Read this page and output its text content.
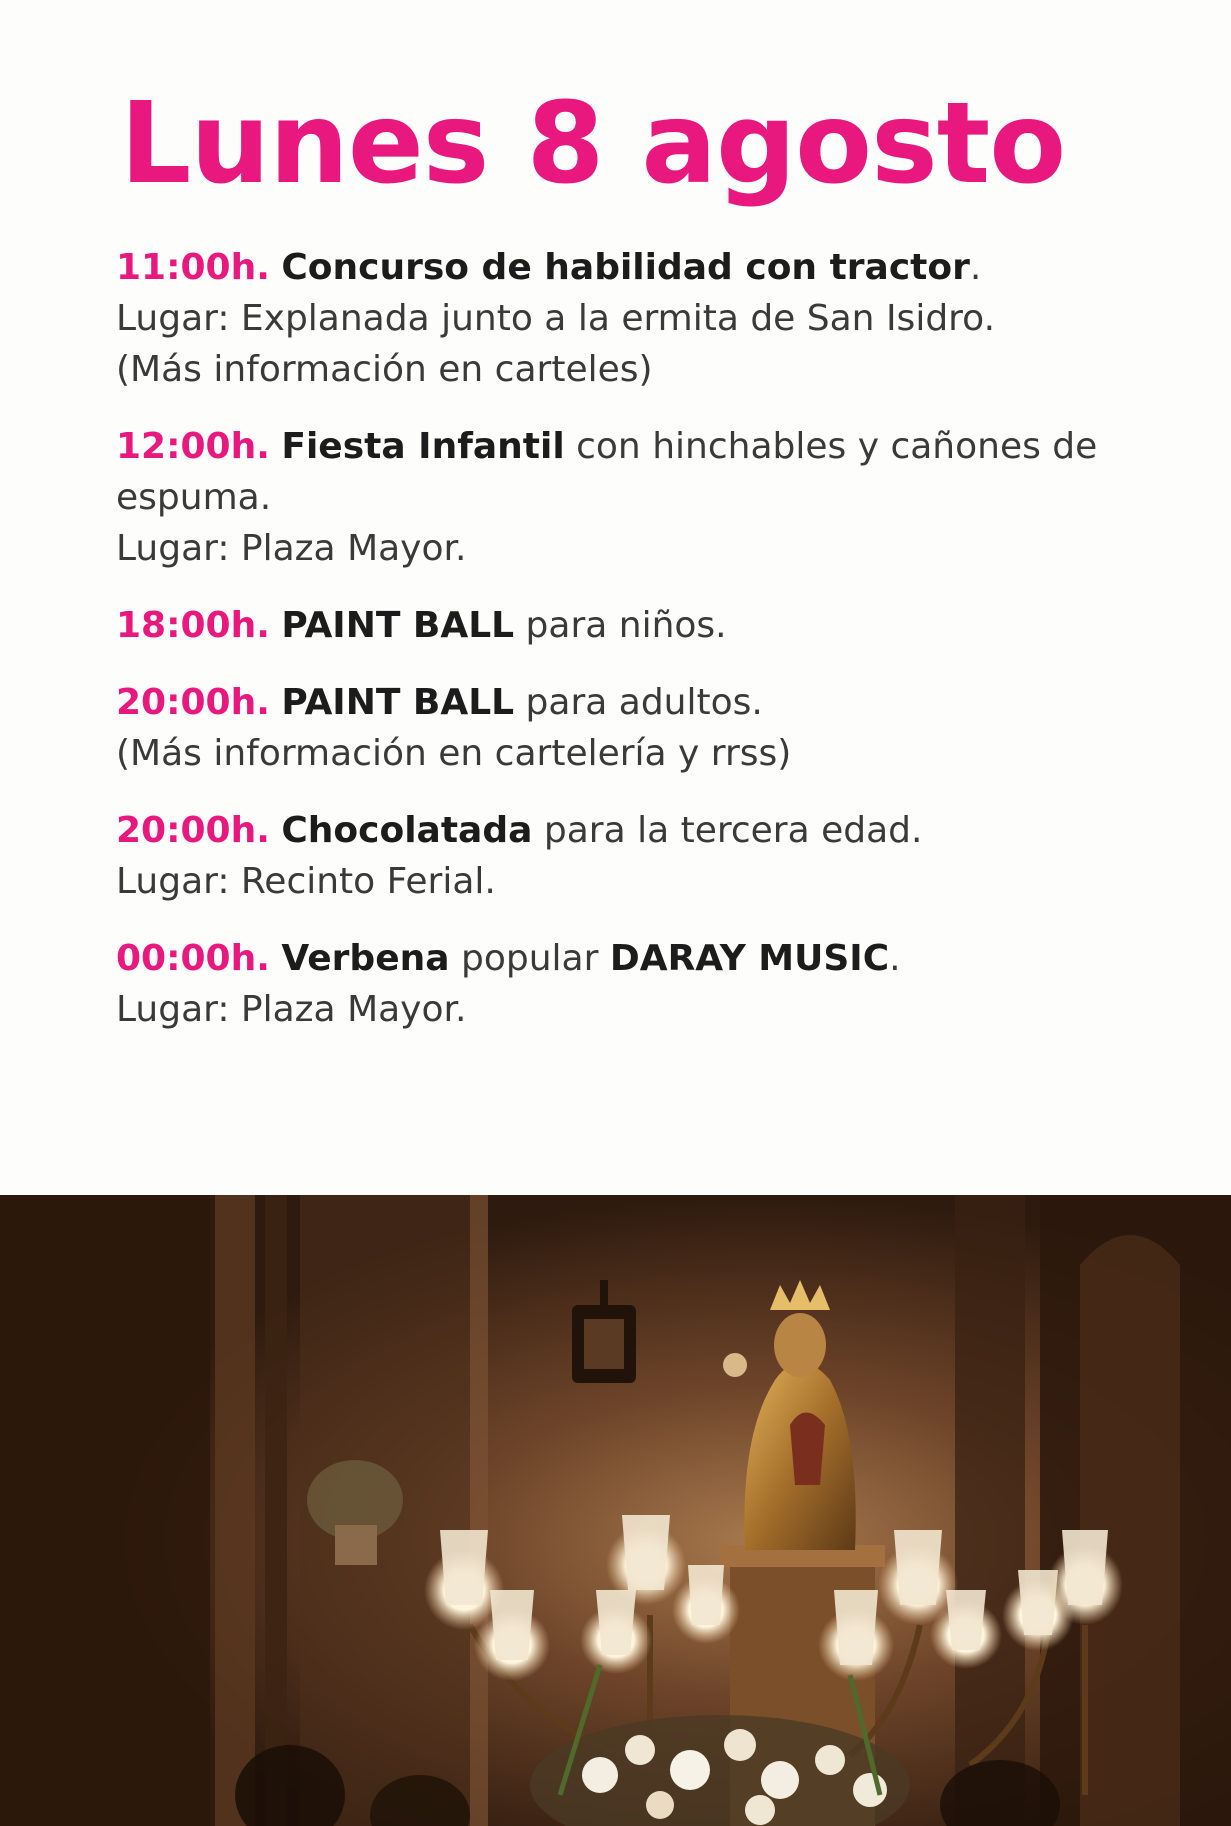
Lunes 8 agosto

11:00h. Concurso de habilidad con tractor.
Lugar: Explanada junto a la ermita de San Isidro.
(Más información en carteles)

12:00h. Fiesta Infantil con hinchables y cañones de
espuma.
Lugar: Plaza Mayor.

18:00h. PAINT BALL para niños.

20:00h. PAINT BALL para adultos.
(Más información en cartelería y rrss)

20:00h. Chocolatada para la tercera edad.
Lugar: Recinto Ferial.

00:00h. Verbena popular DARAY MUSIC.
Lugar: Plaza Mayor.
